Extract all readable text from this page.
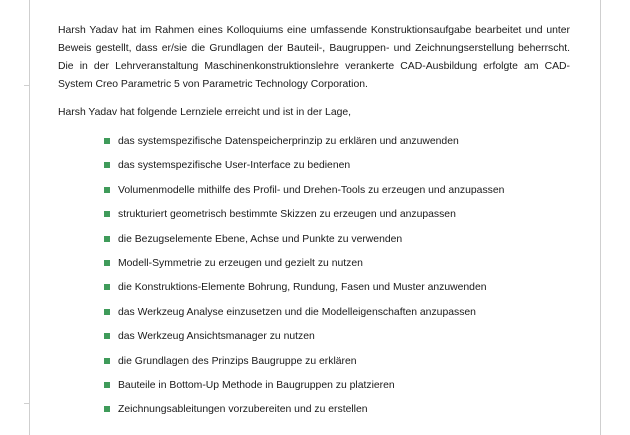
Harsh Yadav hat im Rahmen eines Kolloquiums eine umfassende Konstruktionsaufgabe bearbeitet und unter Beweis gestellt, dass er/sie die Grundlagen der Bauteil-, Baugruppen- und Zeichnungserstellung beherrscht. Die in der Lehrveranstaltung Maschinenkonstruktionslehre verankerte CAD-Ausbildung erfolgte am CAD-System Creo Parametric 5 von Parametric Technology Corporation.

Harsh Yadav hat folgende Lernziele erreicht und ist in der Lage,

das systemspezifische Datenspeicherprinzip zu erklären und anzuwenden
das systemspezifische User-Interface zu bedienen
Volumenmodelle mithilfe des Profil- und Drehen-Tools zu erzeugen und anzupassen
strukturiert geometrisch bestimmte Skizzen zu erzeugen und anzupassen
die Bezugselemente Ebene, Achse und Punkte zu verwenden
Modell-Symmetrie zu erzeugen und gezielt zu nutzen
die Konstruktions-Elemente Bohrung, Rundung, Fasen und Muster anzuwenden
das Werkzeug Analyse einzusetzen und die Modelleigenschaften anzupassen
das Werkzeug Ansichtsmanager zu nutzen
die Grundlagen des Prinzips Baugruppe zu erklären
Bauteile in Bottom-Up Methode in Baugruppen zu platzieren
Zeichnungsableitungen vorzubereiten und zu erstellen
